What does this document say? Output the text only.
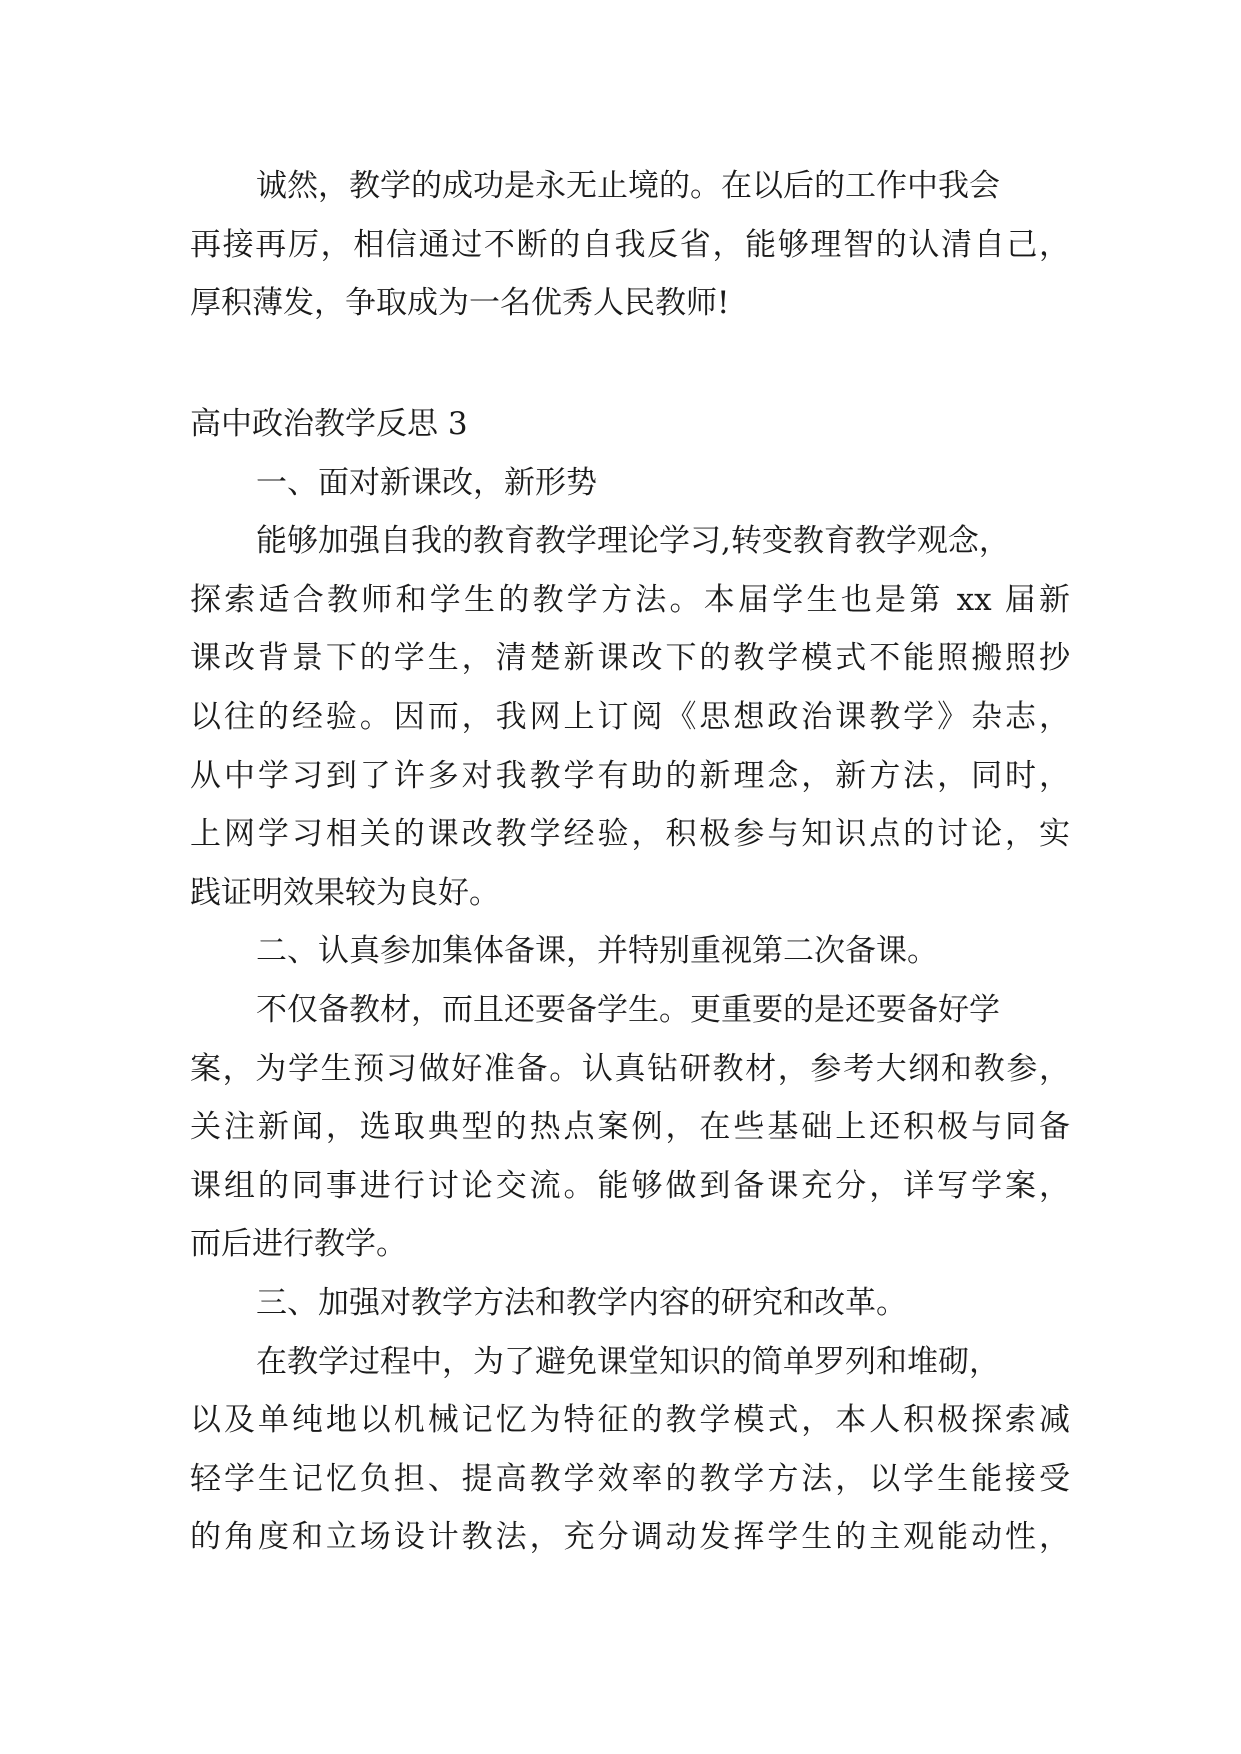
诚然，教学的成功是永无止境的。在以后的工作中我会
再接再厉，相信通过不断的自我反省，能够理智的认清自己，
厚积薄发，争取成为一名优秀人民教师!
高中政治教学反思 3
一、面对新课改，新形势
能够加强自我的教育教学理论学习,转变教育教学观念，
探索适合教师和学生的教学方法。本届学生也是第 xx 届新
课改背景下的学生，清楚新课改下的教学模式不能照搬照抄
以往的经验。因而，我网上订阅《思想政治课教学》杂志，
从中学习到了许多对我教学有助的新理念，新方法，同时，
上网学习相关的课改教学经验，积极参与知识点的讨论，实
践证明效果较为良好。
二、认真参加集体备课，并特别重视第二次备课。
不仅备教材，而且还要备学生。更重要的是还要备好学
案，为学生预习做好准备。认真钻研教材，参考大纲和教参，
关注新闻，选取典型的热点案例，在些基础上还积极与同备
课组的同事进行讨论交流。能够做到备课充分，详写学案，
而后进行教学。
三、加强对教学方法和教学内容的研究和改革。
在教学过程中，为了避免课堂知识的简单罗列和堆砌，
以及单纯地以机械记忆为特征的教学模式，本人积极探索减
轻学生记忆负担、提高教学效率的教学方法，以学生能接受
的角度和立场设计教法，充分调动发挥学生的主观能动性，
